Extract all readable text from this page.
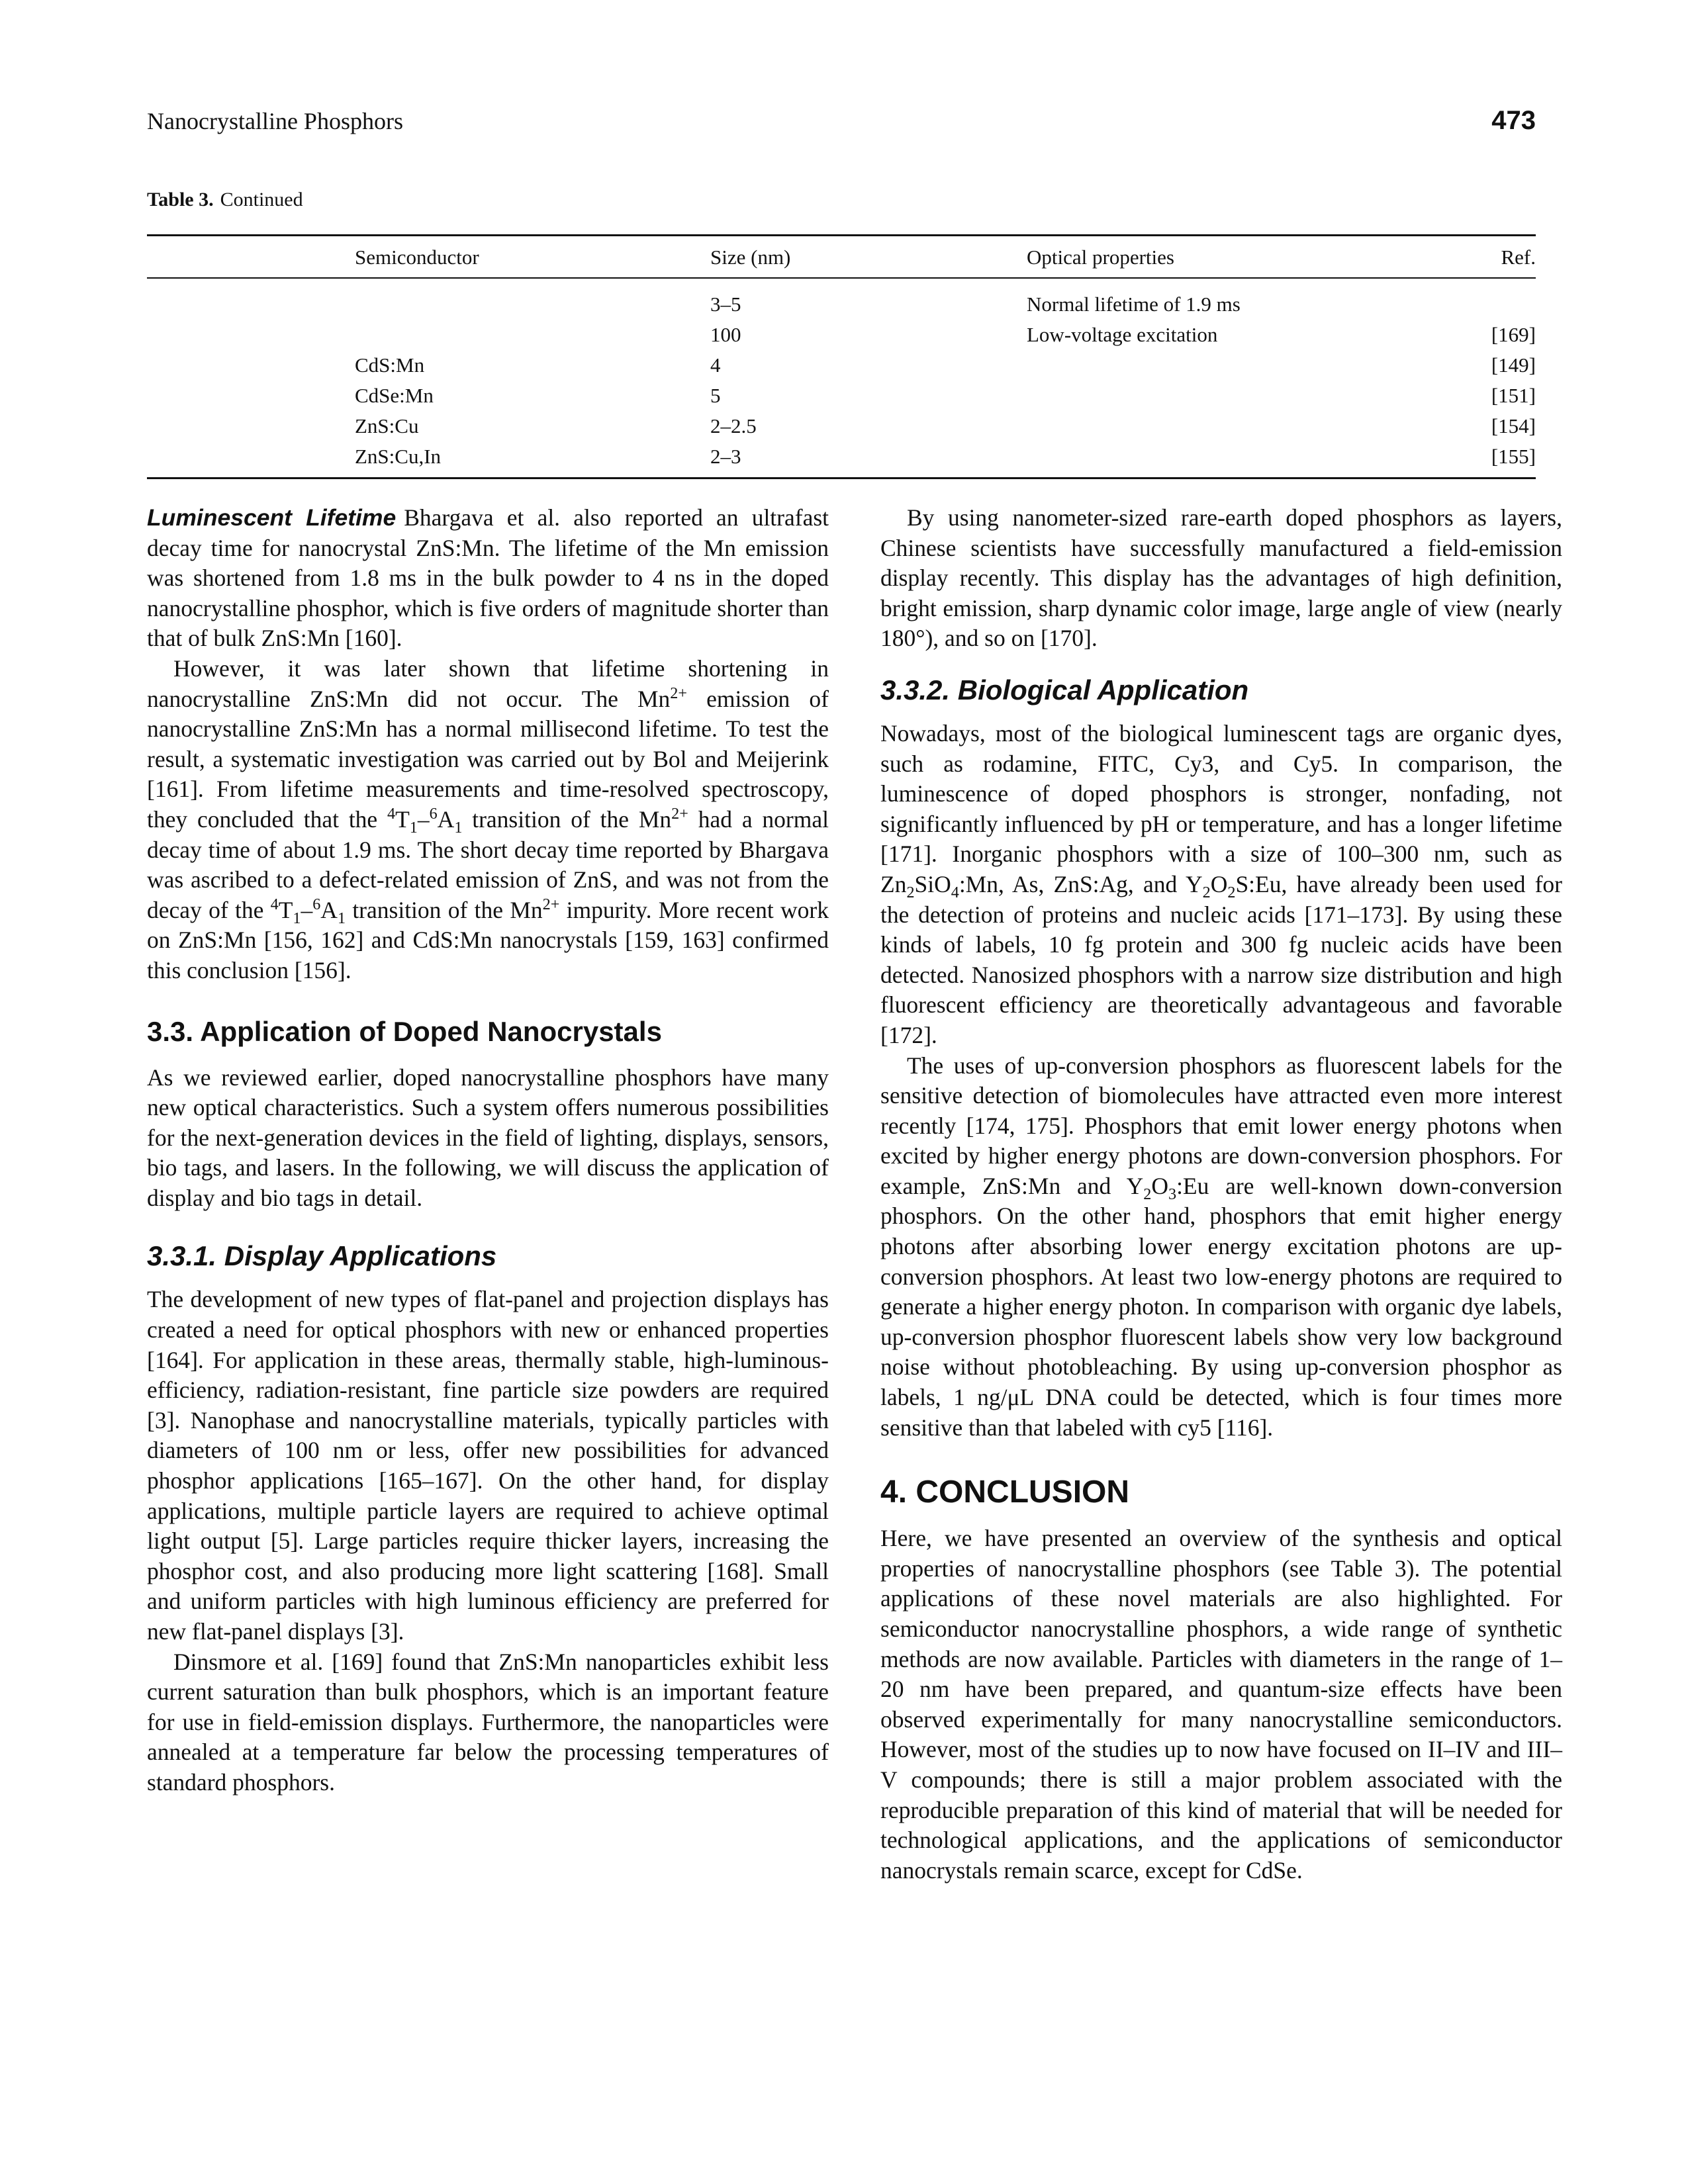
Nanocrystalline Phosphors	473
Table 3. Continued
	Semiconductor	Size (nm)	Optical properties	Ref.
		3–5	Normal lifetime of 1.9 ms	
		100	Low-voltage excitation	[169]
	CdS:Mn	4		[149]
	CdSe:Mn	5		[151]
	ZnS:Cu	2–2.5		[154]
	ZnS:Cu,In	2–3		[155]

Luminescent Lifetime Bhargava et al. also reported an ultrafast decay time for nanocrystal ZnS:Mn. The lifetime of the Mn emission was shortened from 1.8 ms in the bulk powder to 4 ns in the doped nanocrystalline phosphor, which is five orders of magnitude shorter than that of bulk ZnS:Mn [160].

However, it was later shown that lifetime shortening in nanocrystalline ZnS:Mn did not occur. The $Mn^{2+}$ emission of nanocrystalline ZnS:Mn has a normal millisecond lifetime. To test the result, a systematic investigation was carried out by Bol and Meijerink [161]. From lifetime measurements and time-resolved spectroscopy, they concluded that the $^4T_1-^6A_1$ transition of the $Mn^{2+}$ had a normal decay time of about 1.9 ms. The short decay time reported by Bhargava was ascribed to a defect-related emission of ZnS, and was not from the decay of the $^4T_1-^6A_1$ transition of the $Mn^{2+}$ impurity. More recent work on ZnS:Mn [156, 162] and CdS:Mn nanocrystals [159, 163] confirmed this conclusion [156].

3.3. Application of Doped Nanocrystals

As we reviewed earlier, doped nanocrystalline phosphors have many new optical characteristics. Such a system offers numerous possibilities for the next-generation devices in the field of lighting, displays, sensors, bio tags, and lasers. In the following, we will discuss the application of display and bio tags in detail.

3.3.1. Display Applications

The development of new types of flat-panel and projection displays has created a need for optical phosphors with new or enhanced properties [164]. For application in these areas, thermally stable, high-luminous-efficiency, radiation-resistant, fine particle size powders are required [3]. Nanophase and nanocrystalline materials, typically particles with diameters of 100 nm or less, offer new possibilities for advanced phosphor applications [165–167]. On the other hand, for display applications, multiple particle layers are required to achieve optimal light output [5]. Large particles require thicker layers, increasing the phosphor cost, and also producing more light scattering [168]. Small and uniform particles with high luminous efficiency are preferred for new flat-panel displays [3].

Dinsmore et al. [169] found that ZnS:Mn nanoparticles exhibit less current saturation than bulk phosphors, which is an important feature for use in field-emission displays. Furthermore, the nanoparticles were annealed at a temperature far below the processing temperatures of standard phosphors.

By using nanometer-sized rare-earth doped phosphors as layers, Chinese scientists have successfully manufactured a field-emission display recently. This display has the advantages of high definition, bright emission, sharp dynamic color image, large angle of view (nearly 180°), and so on [170].

3.3.2. Biological Application

Nowadays, most of the biological luminescent tags are organic dyes, such as rodamine, FITC, Cy3, and Cy5. In comparison, the luminescence of doped phosphors is stronger, nonfading, not significantly influenced by pH or temperature, and has a longer lifetime [171]. Inorganic phosphors with a size of 100–300 nm, such as $Zn_2SiO_4:Mn$, As, ZnS:Ag, and $Y_2O_2S:Eu$, have already been used for the detection of proteins and nucleic acids [171–173]. By using these kinds of labels, 10 fg protein and 300 fg nucleic acids have been detected. Nanosized phosphors with a narrow size distribution and high fluorescent efficiency are theoretically advantageous and favorable [172].

The uses of up-conversion phosphors as fluorescent labels for the sensitive detection of biomolecules have attracted even more interest recently [174, 175]. Phosphors that emit lower energy photons when excited by higher energy photons are down-conversion phosphors. For example, ZnS:Mn and $Y_2O_3:Eu$ are well-known down-conversion phosphors. On the other hand, phosphors that emit higher energy photons after absorbing lower energy excitation photons are up-conversion phosphors. At least two low-energy photons are required to generate a higher energy photon. In comparison with organic dye labels, up-conversion phosphor fluorescent labels show very low background noise without photobleaching. By using up-conversion phosphor as labels, 1 ng/μL DNA could be detected, which is four times more sensitive than that labeled with cy5 [116].

4. CONCLUSION

Here, we have presented an overview of the synthesis and optical properties of nanocrystalline phosphors (see Table 3). The potential applications of these novel materials are also highlighted. For semiconductor nanocrystalline phosphors, a wide range of synthetic methods are now available. Particles with diameters in the range of 1–20 nm have been prepared, and quantum-size effects have been observed experimentally for many nanocrystalline semiconductors. However, most of the studies up to now have focused on II–IV and III–V compounds; there is still a major problem associated with the reproducible preparation of this kind of material that will be needed for technological applications, and the applications of semiconductor nanocrystals remain scarce, except for CdSe.
